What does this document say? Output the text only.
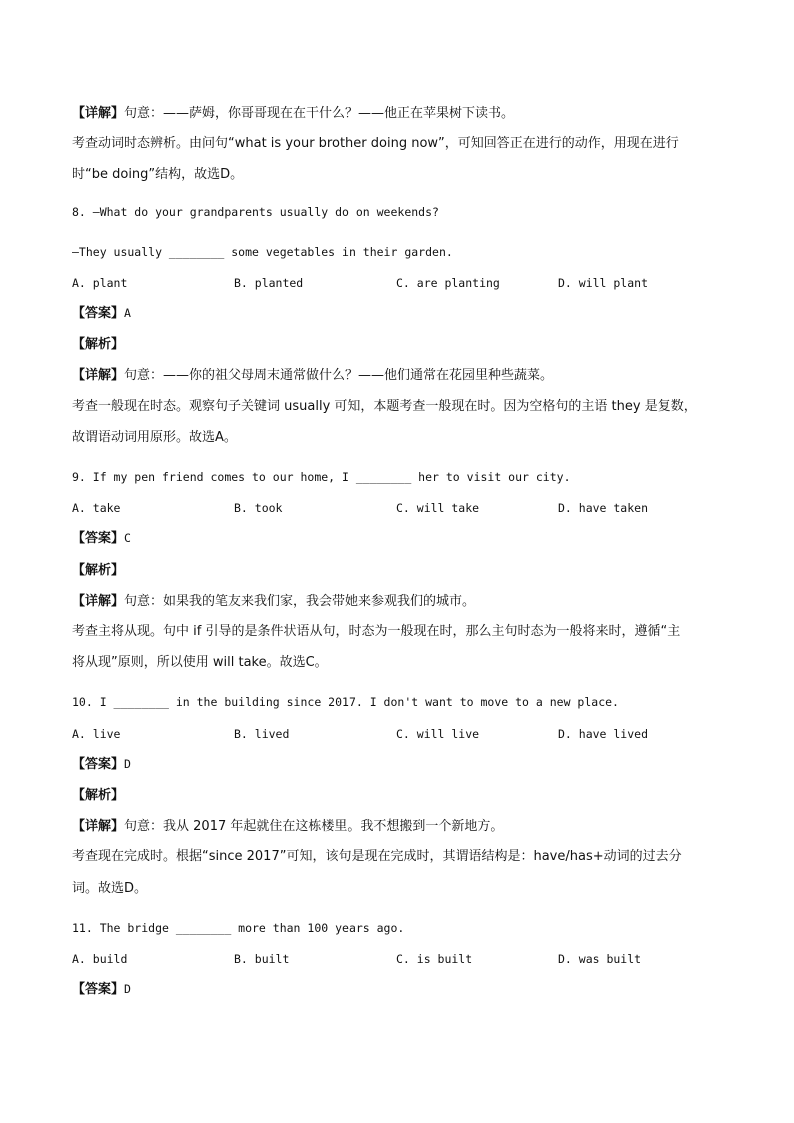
【详解】句意：——萨姆，你哥哥现在在干什么？——他正在苹果树下读书。
考查动词时态辨析。由问句“what is your brother doing now”，可知回答正在进行的动作，用现在进行
时“be doing”结构，故选D。
8. —What do your grandparents usually do on weekends?
—They usually ________ some vegetables in their garden.
A. plant	B. planted	C. are planting	D. will plant
【答案】A
【解析】
【详解】句意：——你的祖父母周末通常做什么？——他们通常在花园里种些蔬菜。
考查一般现在时态。观察句子关键词 usually 可知，本题考查一般现在时。因为空格句的主语 they 是复数，
故谓语动词用原形。故选A。
9. If my pen friend comes to our home, I ________ her to visit our city.
A. take	B. took	C. will take	D. have taken
【答案】C
【解析】
【详解】句意：如果我的笔友来我们家，我会带她来参观我们的城市。
考查主将从现。句中 if 引导的是条件状语从句，时态为一般现在时，那么主句时态为一般将来时，遵循“主
将从现”原则，所以使用 will take。故选C。
10. I ________ in the building since 2017. I don't want to move to a new place.
A. live	B. lived	C. will live	D. have lived
【答案】D
【解析】
【详解】句意：我从 2017 年起就住在这栋楼里。我不想搬到一个新地方。
考查现在完成时。根据“since 2017”可知，该句是现在完成时，其谓语结构是：have/has+动词的过去分
词。故选D。
11. The bridge ________ more than 100 years ago.
A. build	B. built	C. is built	D. was built
【答案】D
